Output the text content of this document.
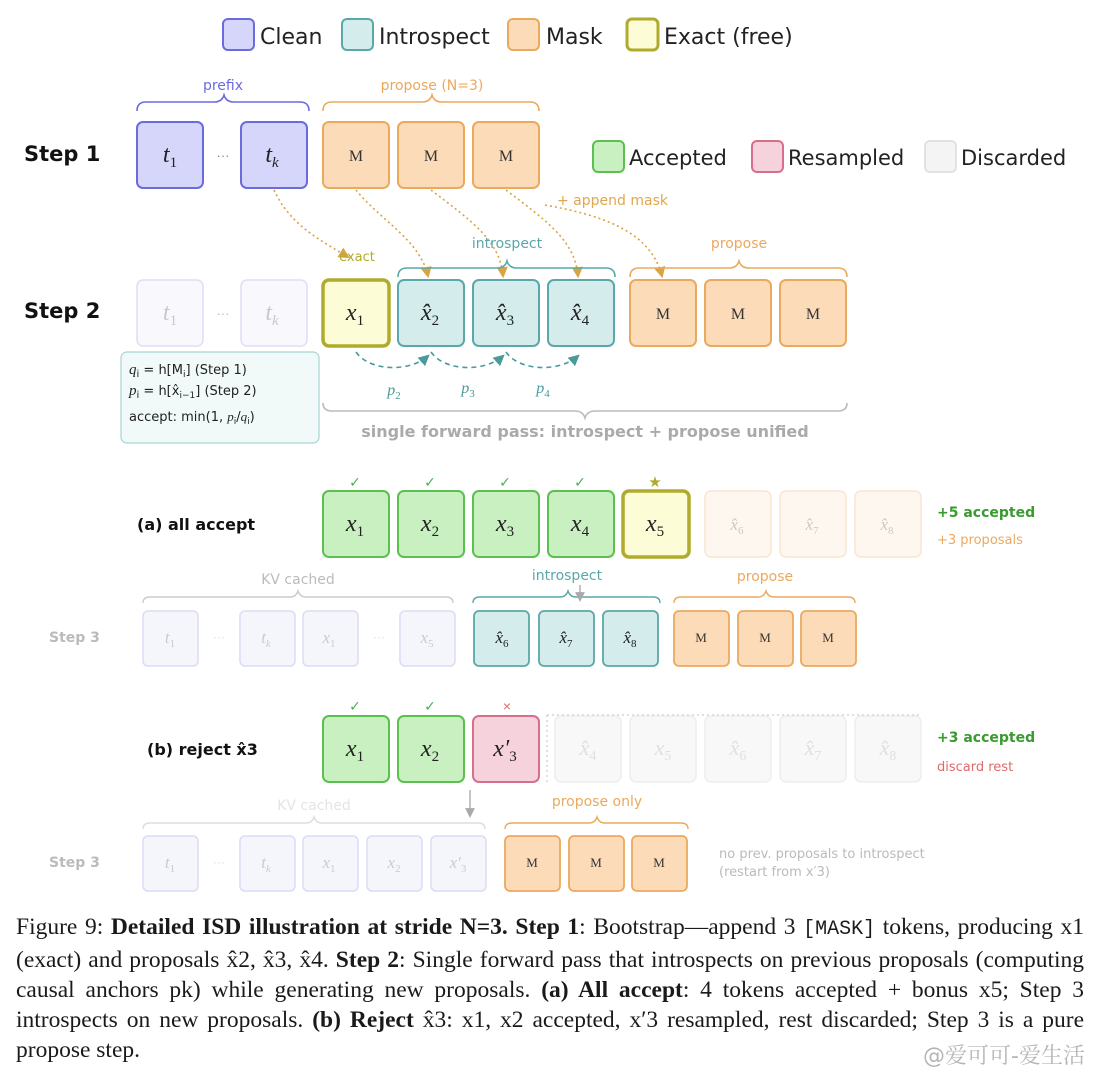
Clean	Introspect	Mask	Exact (free)
Accepted	Resampled	Discarded
Step 1
prefix	propose (N=3)
$t_1$	··· $t_k$	M	M	M
+ append mask
Step 2
exact
introspect	propose
$t_1$	··· $t_k$	$x_1$ $x̂_2$ $x̂_3$ $x̂_4$	M	M	M
$p_2$	$p_3$	$p_4$
$q_i = h[M_i]$ (Step 1)
$p_i$ = $h[x̂_{i-1}]$ (Step 2)
accept: min(1, $p_i/q_i$)
single forward pass: introspect + propose unified
(a) all accept
✓	✓	✓	✓	★
$x_1$ $x_2$ $x_3$ $x_4$ $x_5$	$x̂_6$	$x̂_7$	$x̂_8$
+5 accepted
+3 proposals
Step 3
KV cached	introspect	propose
$t_1$	··· $t_k$	$x_1$	··· $x_5$	$x̂_6$	$x̂_7$	$x̂_8$	M	M	M
(b) reject x̂3
✓	✓	×
$x_1$ $x_2$ $x'_3$	$x̂_4$	$x_5$	$x̂_6$	$x̂_7$	$x̂_8$
+3 accepted
discard rest
Step 3
KV cached	propose only
$t_1$	··· $t_k$	$x_1$	$x_2$	$x'_3$	M	M	M
no prev. proposals to introspect
(restart from x′3)
Figure 9: Detailed ISD illustration at stride N=3. Step 1: Bootstrap—append 3 [MASK] tokens, producing x1 (exact) and proposals x̂2, x̂3, x̂4. Step 2: Single forward pass that introspects on previous proposals (computing causal anchors pk) while generating new proposals. (a) All accept: 4 tokens accepted + bonus x5; Step 3 introspects on new proposals. (b) Reject x̂3: x1, x2 accepted, x′3 resampled, rest discarded; Step 3 is a pure propose step.	@爱可可-爱生活
